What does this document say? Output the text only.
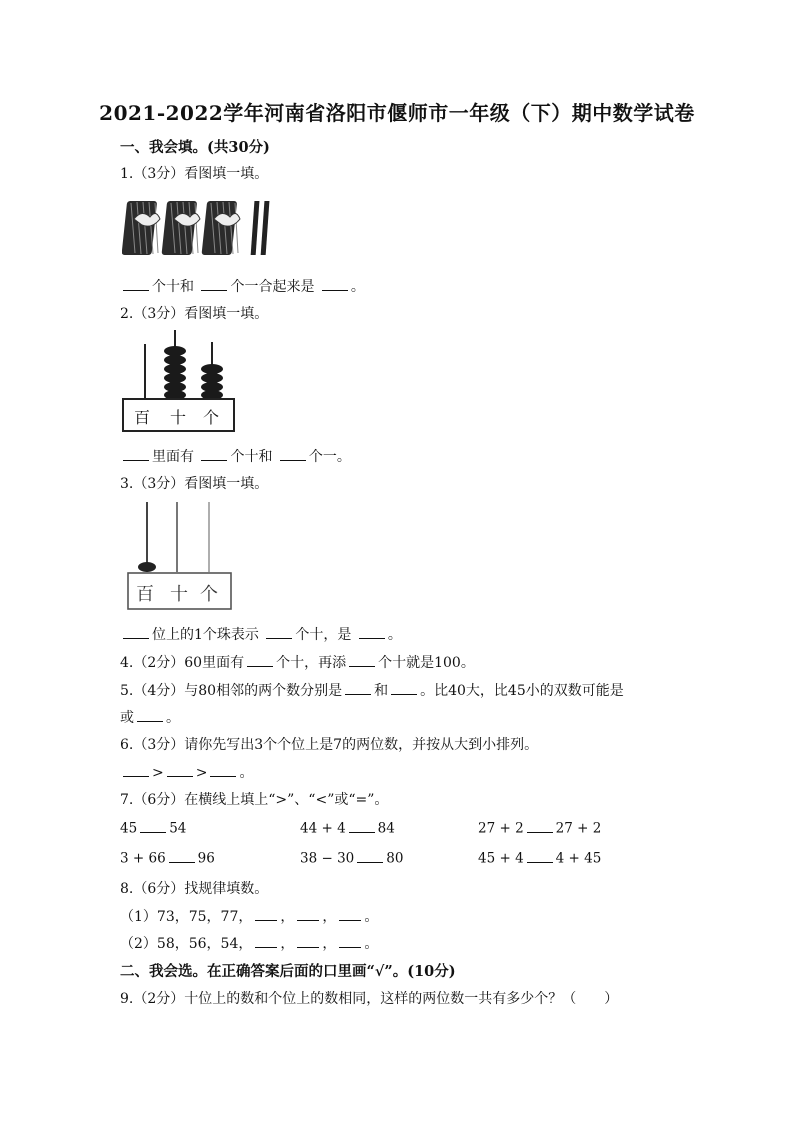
2021-2022学年河南省洛阳市偃师市一年级（下）期中数学试卷
一、我会填。(共30分)
1.（3分）看图填一填。
个十和	个一合起来是	。
2.（3分）看图填一填。
百 十 个
里面有	个十和	个一。
3.（3分）看图填一填。
百 十 个
位上的1个珠表示	个十，是	。
4.（2分）60里面有 个十，再添 个十就是100。
5.（4分）与80相邻的两个数分别是 和 。比40大，比45小的双数可能是
或 。
6.（3分）请你先写出3个个位上是7的两位数，并按从大到小排列。
> > 。
7.（6分）在横线上填上“>”、“<”或“=”。
45 54	44 + 4 84	27 + 2 27 + 2
3 + 66 96	38 − 30 80	45 + 4 4 + 45
8.（6分）找规律填数。
（1）73，75，77， ， ， 。
（2）58，56，54， ， ， 。
二、我会选。在正确答案后面的口里画“√”。(10分)
9.（2分）十位上的数和个位上的数相同，这样的两位数一共有多少个？（　　）
